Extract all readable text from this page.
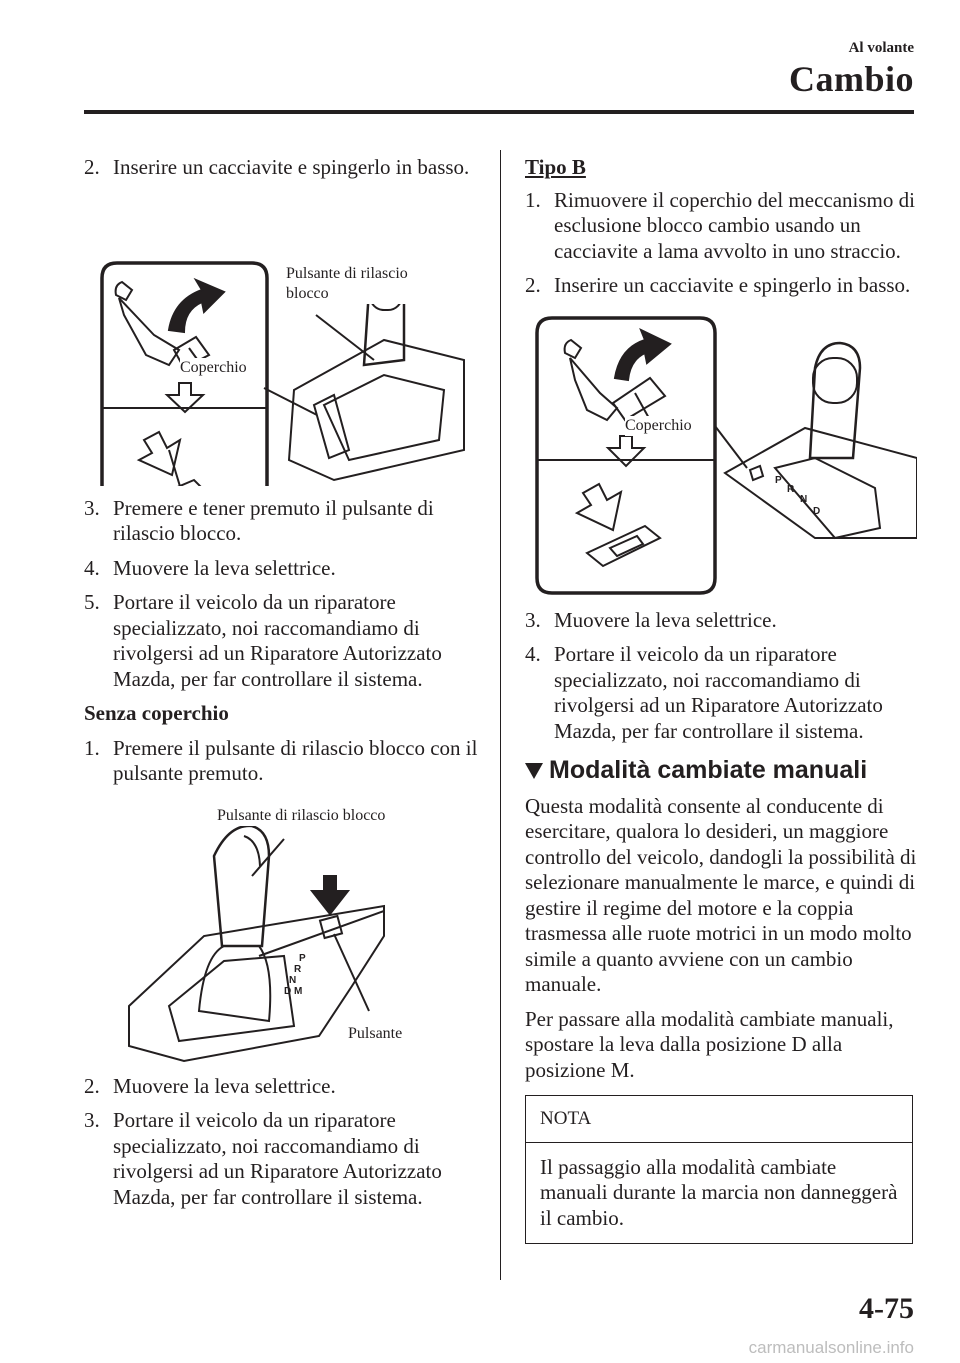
Al volante
Cambio
2. Inserire un cacciavite e spingerlo in basso.
Pulsante di rilascio
blocco
Coperchio
3. Premere e tener premuto il pulsante di rilascio blocco.
4. Muovere la leva selettrice.
5. Portare il veicolo da un riparatore specializzato, noi raccomandiamo di rivolgersi ad un Riparatore Autorizzato Mazda, per far controllare il sistema.
Senza coperchio
1. Premere il pulsante di rilascio blocco con il pulsante premuto.
P
R
N
D M
Pulsante di rilascio blocco
Pulsante
2. Muovere la leva selettrice.
3. Portare il veicolo da un riparatore specializzato, noi raccomandiamo di rivolgersi ad un Riparatore Autorizzato Mazda, per far controllare il sistema.
Tipo B
1. Rimuovere il coperchio del meccanismo di esclusione blocco cambio usando un cacciavite a lama avvolto in uno straccio.
2. Inserire un cacciavite e spingerlo in basso.
P
R
N
D
Coperchio
3. Muovere la leva selettrice.
4. Portare il veicolo da un riparatore specializzato, noi raccomandiamo di rivolgersi ad un Riparatore Autorizzato Mazda, per far controllare il sistema.
Modalità cambiate manuali
Questa modalità consente al conducente di esercitare, qualora lo desideri, un maggiore controllo del veicolo, dandogli la possibilità di selezionare manualmente le marce, e quindi di gestire il regime del motore e la coppia trasmessa alle ruote motrici in un modo molto simile a quanto avviene con un cambio manuale.
Per passare alla modalità cambiate manuali, spostare la leva dalla posizione D alla posizione M.
NOTA
Il passaggio alla modalità cambiate manuali durante la marcia non danneggerà il cambio.
4-75
carmanualsonline.info
